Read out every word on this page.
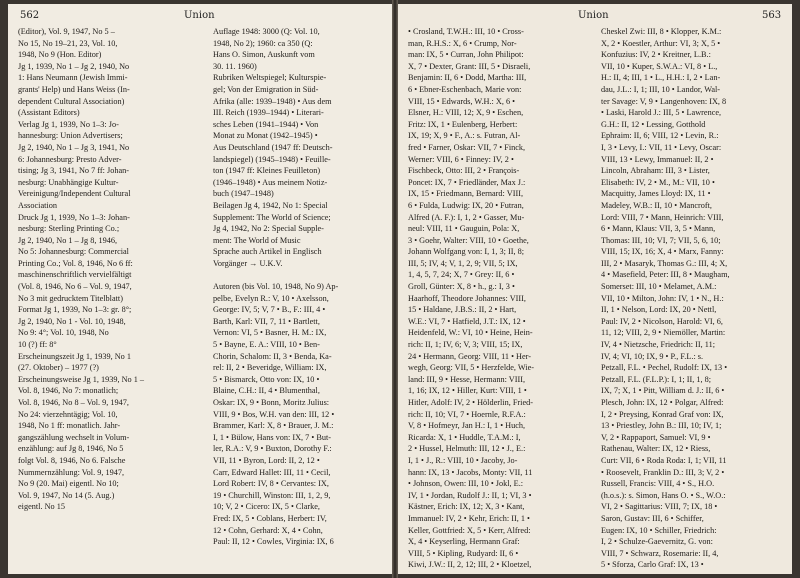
562	Union

(Editor), Vol. 9, 1947, No 5 –

No 15, No 19–21, 23, Vol. 10,

1948, No 9 (Hon. Editor)

Jg 1, 1939, No 1 – Jg 2, 1940, No

1: Hans Neumann (Jewish Immi-

grants' Help) und Hans Weiss (In-

dependent Cultural Association)

(Assistant Editors)

Verlag Jg 1, 1939, No 1–3: Jo-

hannesburg: Union Advertisers;

Jg 2, 1940, No 1 – Jg 3, 1941, No

6: Johannesburg: Presto Adver-

tising; Jg 3, 1941, No 7 ff: Johan-

nesburg: Unabhängige Kultur-

Vereinigung/Independent Cultural

Association

Druck Jg 1, 1939, No 1–3: Johan-

nesburg: Sterling Printing Co.;

Jg 2, 1940, No 1 – Jg 8, 1946,

No 5: Johannesburg: Commercial

Printing Co.; Vol. 8, 1946, No 6 ff:

maschinenschriftlich vervielfältigt

(Vol. 8, 1946, No 6 – Vol. 9, 1947,

No 3 mit gedrucktem Titelblatt)

Format Jg 1, 1939, No 1–3: gr. 8°;

Jg 2, 1940, No 1 - Vol. 10, 1948,

No 9: 4°; Vol. 10, 1948, No

10 (?) ff: 8°

Erscheinungszeit Jg 1, 1939, No 1

(27. Oktober) – 1977 (?)

Erscheinungsweise Jg 1, 1939, No 1 –

Vol. 8, 1946, No 7: monatlich;

Vol. 8, 1946, No 8 – Vol. 9, 1947,

No 24: vierzehntägig; Vol. 10,

1948, No 1 ff: monatlich. Jahr-

gangszählung wechselt in Volum-

enzählung: auf Jg 8, 1946, No 5

folgt Vol. 8, 1946, No 6. Falsche

Nummernzählung: Vol. 9, 1947,

No 9 (20. Mai) eigentl. No 10;

Vol. 9, 1947, No 14 (5. Aug.)

eigentl. No 15

Auflage 1948: 3000 (Q: Vol. 10,

1948, No 2); 1960: ca 350 (Q:

Hans O. Simon, Auskunft vom

30. 11. 1960)

Rubriken Weltspiegel; Kulturspie-

gel; Von der Emigration in Süd-

Afrika (alle: 1939–1948) • Aus dem

III. Reich (1939–1944) • Literari-

sches Leben (1941–1944) • Von

Monat zu Monat (1942–1945) •

Aus Deutschland (1947 ff: Deutsch-

landspiegel) (1945–1948) • Feuille-

ton (1947 ff: Kleines Feuilleton)

(1946–1948) • Aus meinem Notiz-

buch (1947–1948)

Beilagen Jg 4, 1942, No 1: Special

Supplement: The World of Science;

Jg 4, 1942, No 2: Special Supple-

ment: The World of Music

Sprache auch Artikel in Englisch

Vorgänger → U.K.V.

Autoren (bis Vol. 10, 1948, No 9) Ap-

pelbe, Evelyn R.: V, 10 • Axelsson,

George: IV, 5; V, 7 • B., F.: III, 4 •

Barth, Karl: VII, 7, 11 • Bartlett,

Vernon: VI, 5 • Basner, H. M.: IX,

5 • Bayne, E. A.: VIII, 10 • Ben-

Chorin, Schalom: II, 3 • Benda, Ka-

rel: II, 2 • Beveridge, William: IX,

5 • Bismarck, Otto von: IX, 10 •

Blaine, C.H.: II, 4 • Blumenthal,

Oskar: IX, 9 • Bonn, Moritz Julius:

VIII, 9 • Bos, W.H. van den: III, 12 •

Brammer, Karl: X, 8 • Brauer, J. M.:

I, 1 • Bülow, Hans von: IX, 7 • But-

ler, R.A.: V, 9 • Buxton, Dorothy F.:

VII, 11 • Byron, Lord: II, 2, 12 •

Carr, Edward Hallet: III, 11 • Cecil,

Lord Robert: IV, 8 • Cervantes: IX,

19 • Churchill, Winston: III, 1, 2, 9,

10; V, 2 • Cicero: IX, 5 • Clarke,

Fred: IX, 5 • Coblans, Herbert: IV,

12 • Cohn, Gerhard: X, 4 • Cohn,

Paul: II, 12 • Cowles, Virginia: IX, 6

Union	563

• Crosland, T.W.H.: III, 10 • Cross-

man, R.H.S.: X, 6 • Crump, Nor-

man: IX, 5 • Curran, John Philipot:

X, 7 • Dexter, Grant: III, 5 • Disraeli,

Benjamin: II, 6 • Dodd, Martha: III,

6 • Ebner-Eschenbach, Marie von:

VIII, 15 • Edwards, W.H.: X, 6 •

Elsner, H.: VIII, 12; X, 9 • Eschen,

Fritz: IX, 1 • Eulenberg, Herbert:

IX, 19; X, 9 • F., A.: s. Futran, Al-

fred • Farner, Oskar: VII, 7 • Finck,

Werner: VIII, 6 • Finney: IV, 2 •

Fischbeck, Otto: III, 2 • François-

Poncet: IX, 7 • Friedländer, Max J.:

IX, 15 • Friedmann, Bernard: VIII,

6 • Fulda, Ludwig: IX, 20 • Futran,

Alfred (A. F.): I, 1, 2 • Gasser, Mu-

neul: VIII, 11 • Gauguin, Pola: X,

3 • Goehr, Walter: VIII, 10 • Goethe,

Johann Wolfgang von: I, 1, 3; II, 8;

III, 5; IV, 4; V, 1, 2, 9; VII, 5; IX,

1, 4, 5, 7, 24; X, 7 • Grey: II, 6 •

Groll, Günter: X, 8 • h., g.: I, 3 •

Haarhoff, Theodore Johannes: VIII,

15 • Haldane, J.B.S.: II, 2 • Hart,

W.E.: VI, 7 • Hatfield, J.T.: IX, 12 •

Heidenfeld, W.: VI, 10 • Heine, Hein-

rich: II, 1; IV, 6; V, 3; VIII, 15; IX,

24 • Hermann, Georg: VIII, 11 • Her-

wegh, Georg: VII, 5 • Herzfelde, Wie-

land: III, 9 • Hesse, Hermann: VIII,

1, 16; IX, 12 • Hiller, Kurt: VIII, 1 •

Hitler, Adolf: IV, 2 • Hölderlin, Fried-

rich: II, 10; VI, 7 • Hoernle, R.F.A.:

V, 8 • Hofmeyr, Jan H.: I, 1 • Huch,

Ricarda: X, 1 • Huddle, T.A.M.: I,

2 • Hussel, Helmuth: III, 12 • J., E.:

I, 1 • J., R.: VIII, 10 • Jacoby, Jo-

hann: IX, 13 • Jacobs, Monty: VII, 11

• Johnson, Owen: III, 10 • Jokl, E.:

IV, 1 • Jordan, Rudolf J.: II, 1; VI, 3 •

Kästner, Erich: IX, 12; X, 3 • Kant,

Immanuel: IV, 2 • Kehr, Erich: II, 1 •

Keller, Gottfried: X, 5 • Kerr, Alfred:

X, 4 • Keyserling, Hermann Graf:

VIII, 5 • Kipling, Rudyard: II, 6 •

Kiwi, J.W.: II, 2, 12; III, 2 • Kloetzel,

Cheskel Zwi: III, 8 • Klopper, K.M.:

X, 2 • Koestler, Arthur: VI, 3; X, 5 •

Konfuzius: IV, 2 • Kreitner, L.B.:

VII, 10 • Kuper, S.W.A.: VI, 8 • L.,

H.: II, 4; III, 1 • L., H.H.: I, 2 • Lan-

dau, J.L.: I, 1; III, 10 • Landor, Wal-

ter Savage: V, 9 • Langenhoven: IX, 8

• Laski, Harold J.: III, 5 • Lawrence,

G.H.: II, 12 • Lessing, Gotthold

Ephraim: II, 6; VIII, 12 • Levin, R.:

I, 3 • Levy, I.: VII, 11 • Levy, Oscar:

VIII, 13 • Lewy, Immanuel: II, 2 •

Lincoln, Abraham: III, 3 • Lister,

Elisabeth: IV, 2 • M., M.: VII, 10 •

Macquitty, James Lloyd: IX, 11 •

Madeley, W.B.: II, 10 • Mancroft,

Lord: VIII, 7 • Mann, Heinrich: VIII,

6 • Mann, Klaus: VII, 3, 5 • Mann,

Thomas: III, 10; VI, 7; VII, 5, 6, 10;

VIII, 15; IX, 16; X, 4 • Marx, Fanny:

III, 2 • Masaryk, Thomas G.: III, 4; X,

4 • Masefield, Peter: III, 8 • Maugham,

Somerset: III, 10 • Melamet, A.M.:

VII, 10 • Milton, John: IV, 1 • N., H.:

II, 1 • Nelson, Lord: IX, 20 • Nettl,

Paul: IV, 2 • Nicolson, Harold: VI, 6,

11, 12; VIII, 2, 9 • Niemöller, Martin:

IV, 4 • Nietzsche, Friedrich: II, 11;

IV, 4; VI, 10; IX, 9 • P., F.L.: s.

Petzall, F.L. • Pechel, Rudolf: IX, 13 •

Petzall, F.L. (F.L.P.): I, 1; II, 1, 8;

IX, 7; X, 1 • Pitt, William d. J.: II, 6 •

Plesch, John: IX, 12 • Polgar, Alfred:

I, 2 • Preysing, Konrad Graf von: IX,

13 • Priestley, John B.: III, 10; IV, 1;

V, 2 • Rappaport, Samuel: VI, 9 •

Rathenau, Walter: IX, 12 • Riess,

Curt: VII, 6 • Roda Roda: I, 1; VII, 11

• Roosevelt, Franklin D.: III, 3; V, 2 •

Russell, Francis: VIII, 4 • S., H.O.

(h.o.s.): s. Simon, Hans O. • S., W.O.:

VI, 2 • Sagittarius: VIII, 7; IX, 18 •

Saron, Gustav: III, 6 • Schiffer,

Eugen: IX, 10 • Schiller, Friedrich:

I, 2 • Schulze-Gaevernitz, G. von:

VIII, 7 • Schwarz, Rosemarie: II, 4,

5 • Sforza, Carlo Graf: IX, 13 •
